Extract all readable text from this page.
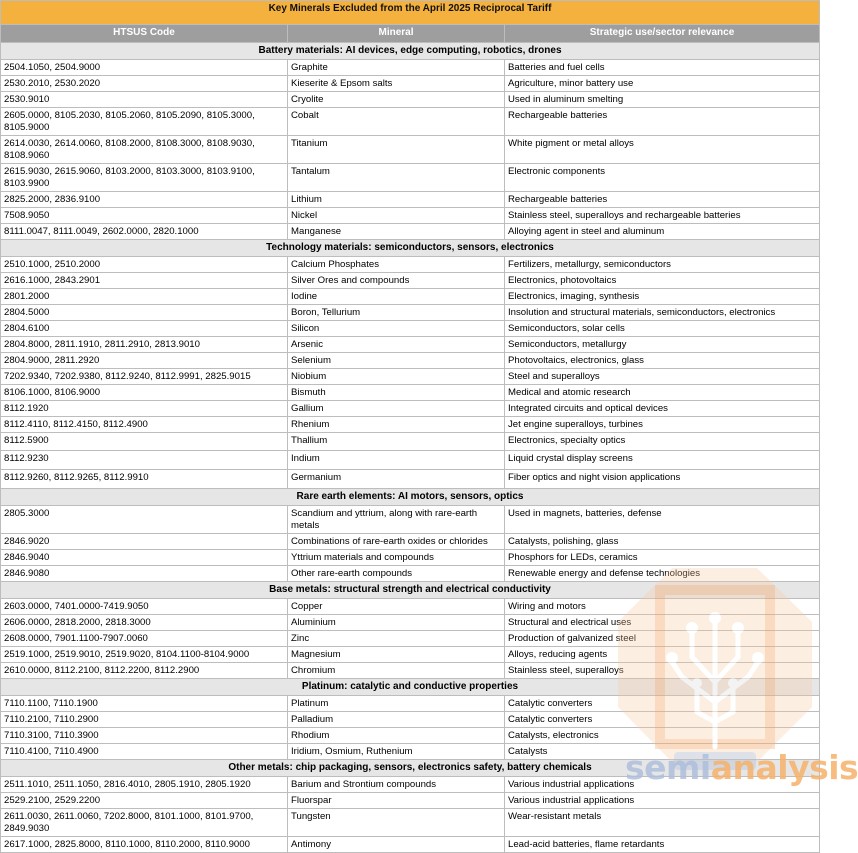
Key Minerals Excluded from the April 2025 Reciprocal Tariff		
HTSUS Code	Mineral	Strategic use/sector relevance
Battery materials: AI devices, edge computing, robotics, drones		
2504.1050, 2504.9000	Graphite	Batteries and fuel cells
2530.2010, 2530.2020	Kieserite & Epsom salts	Agriculture, minor battery use
2530.9010	Cryolite	Used in aluminum smelting
2605.0000, 8105.2030, 8105.2060, 8105.2090, 8105.3000, 8105.9000	Cobalt	Rechargeable batteries
2614.0030, 2614.0060, 8108.2000, 8108.3000, 8108.9030, 8108.9060	Titanium	White pigment or metal alloys
2615.9030, 2615.9060, 8103.2000, 8103.3000, 8103.9100, 8103.9900	Tantalum	Electronic components
2825.2000, 2836.9100	Lithium	Rechargeable batteries
7508.9050	Nickel	Stainless steel, superalloys and rechargeable batteries
8111.0047, 8111.0049, 2602.0000, 2820.1000	Manganese	Alloying agent in steel and aluminum
Technology materials: semiconductors, sensors, electronics		
2510.1000, 2510.2000	Calcium Phosphates	Fertilizers, metallurgy, semiconductors
2616.1000, 2843.2901	Silver Ores and compounds	Electronics, photovoltaics
2801.2000	Iodine	Electronics, imaging, synthesis
2804.5000	Boron, Tellurium	Insolution and structural materials, semiconductors, electronics
2804.6100	Silicon	Semiconductors, solar cells
2804.8000, 2811.1910, 2811.2910, 2813.9010	Arsenic	Semiconductors, metallurgy
2804.9000, 2811.2920	Selenium	Photovoltaics, electronics, glass
7202.9340, 7202.9380, 8112.9240, 8112.9991, 2825.9015	Niobium	Steel and superalloys
8106.1000, 8106.9000	Bismuth	Medical and atomic research
8112.1920	Gallium	Integrated circuits and optical devices
8112.4110, 8112.4150, 8112.4900	Rhenium	Jet engine superalloys, turbines
8112.5900	Thallium	Electronics, specialty optics
8112.9230	Indium	Liquid crystal display screens
8112.9260, 8112.9265, 8112.9910	Germanium	Fiber optics and night vision applications
Rare earth elements: AI motors, sensors, optics		
2805.3000	Scandium and yttrium, along with rare-earth metals	Used in magnets, batteries, defense
2846.9020	Combinations of rare-earth oxides or chlorides	Catalysts, polishing, glass
2846.9040	Yttrium materials and compounds	Phosphors for LEDs, ceramics
2846.9080	Other rare-earth compounds	Renewable energy and defense technologies
Base metals: structural strength and electrical conductivity		
2603.0000, 7401.0000-7419.9050	Copper	Wiring and motors
2606.0000, 2818.2000, 2818.3000	Aluminium	Structural and electrical uses
2608.0000, 7901.1100-7907.0060	Zinc	Production of galvanized steel
2519.1000, 2519.9010, 2519.9020, 8104.1100-8104.9000	Magnesium	Alloys, reducing agents
2610.0000, 8112.2100, 8112.2200, 8112.2900	Chromium	Stainless steel, superalloys
Platinum: catalytic and conductive properties		
7110.1100, 7110.1900	Platinum	Catalytic converters
7110.2100, 7110.2900	Palladium	Catalytic converters
7110.3100, 7110.3900	Rhodium	Catalysts, electronics
7110.4100, 7110.4900	Iridium, Osmium, Ruthenium	Catalysts
Other metals: chip packaging, sensors, electronics safety, battery chemicals		
2511.1010, 2511.1050, 2816.4010, 2805.1910, 2805.1920	Barium and Strontium compounds	Various industrial applications
2529.2100, 2529.2200	Fluorspar	Various industrial applications
2611.0030, 2611.0060, 7202.8000, 8101.1000, 8101.9700, 2849.9030	Tungsten	Wear-resistant metals
2617.1000, 2825.8000, 8110.1000, 8110.2000, 8110.9000	Antimony	Lead-acid batteries, flame retardants
semianalysis
